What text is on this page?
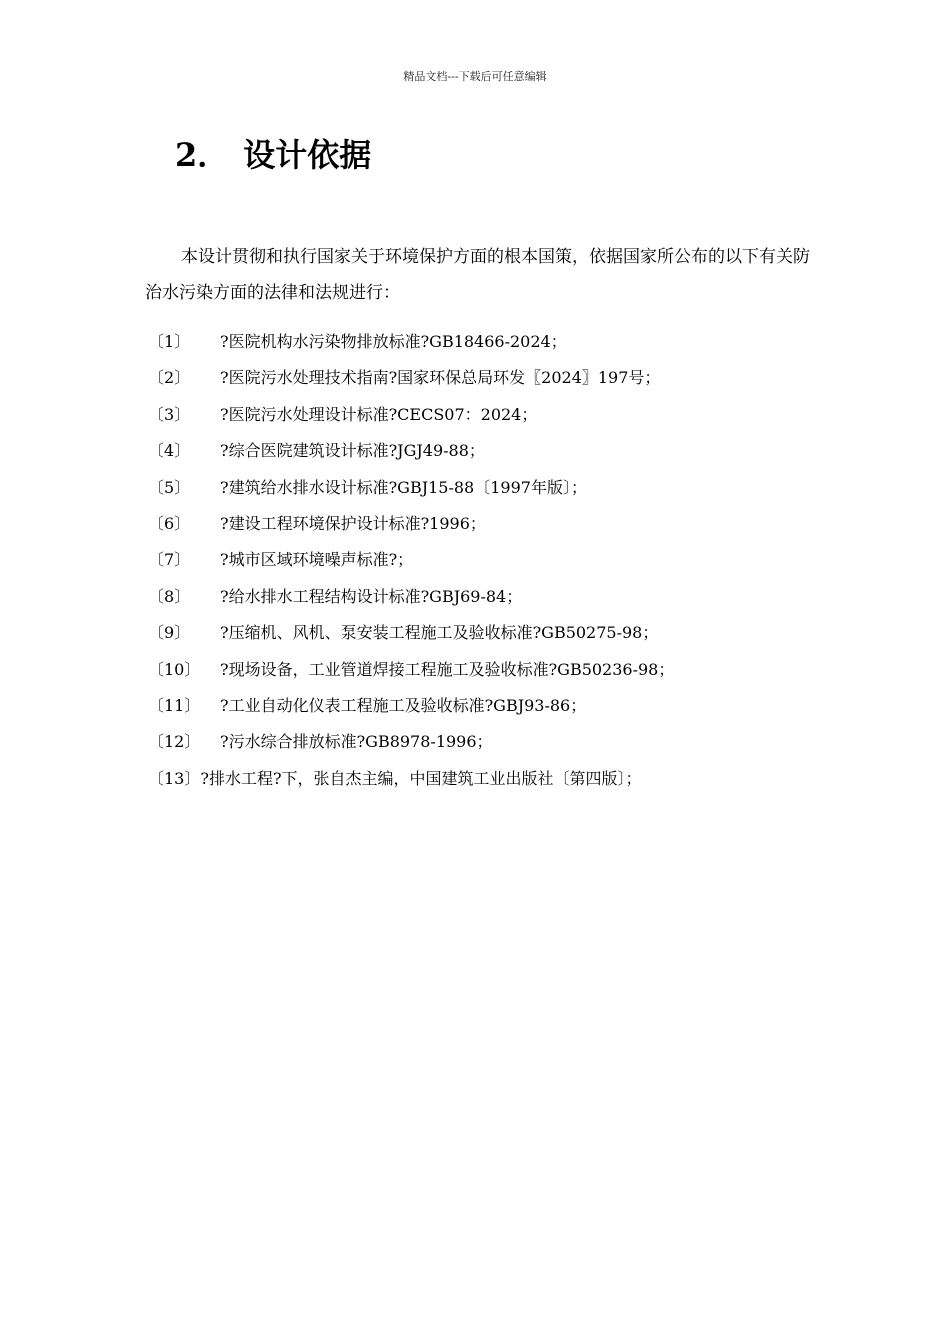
精品文档---下载后可任意编辑
2． 设计依据

本设计贯彻和执行国家关于环境保护方面的根本国策，依据国家所公布的以下有关防治水污染方面的法律和法规进行：

〔1〕	?医院机构水污染物排放标准?GB18466-2024；
〔2〕	?医院污水处理技术指南?国家环保总局环发〖2024〗197号；
〔3〕	?医院污水处理设计标准?CECS07：2024；
〔4〕	?综合医院建筑设计标准?JGJ49-88；
〔5〕	?建筑给水排水设计标准?GBJ15-88〔1997年版〕；
〔6〕	?建设工程环境保护设计标准?1996；
〔7〕	?城市区域环境噪声标准?；
〔8〕	?给水排水工程结构设计标准?GBJ69-84；
〔9〕	?压缩机、风机、泵安装工程施工及验收标准?GB50275-98；
〔10〕	?现场设备，工业管道焊接工程施工及验收标准?GB50236-98；
〔11〕	?工业自动化仪表工程施工及验收标准?GBJ93-86；
〔12〕	?污水综合排放标准?GB8978-1996；
〔13〕 ?排水工程?下，张自杰主编，中国建筑工业出版社〔第四版〕；
